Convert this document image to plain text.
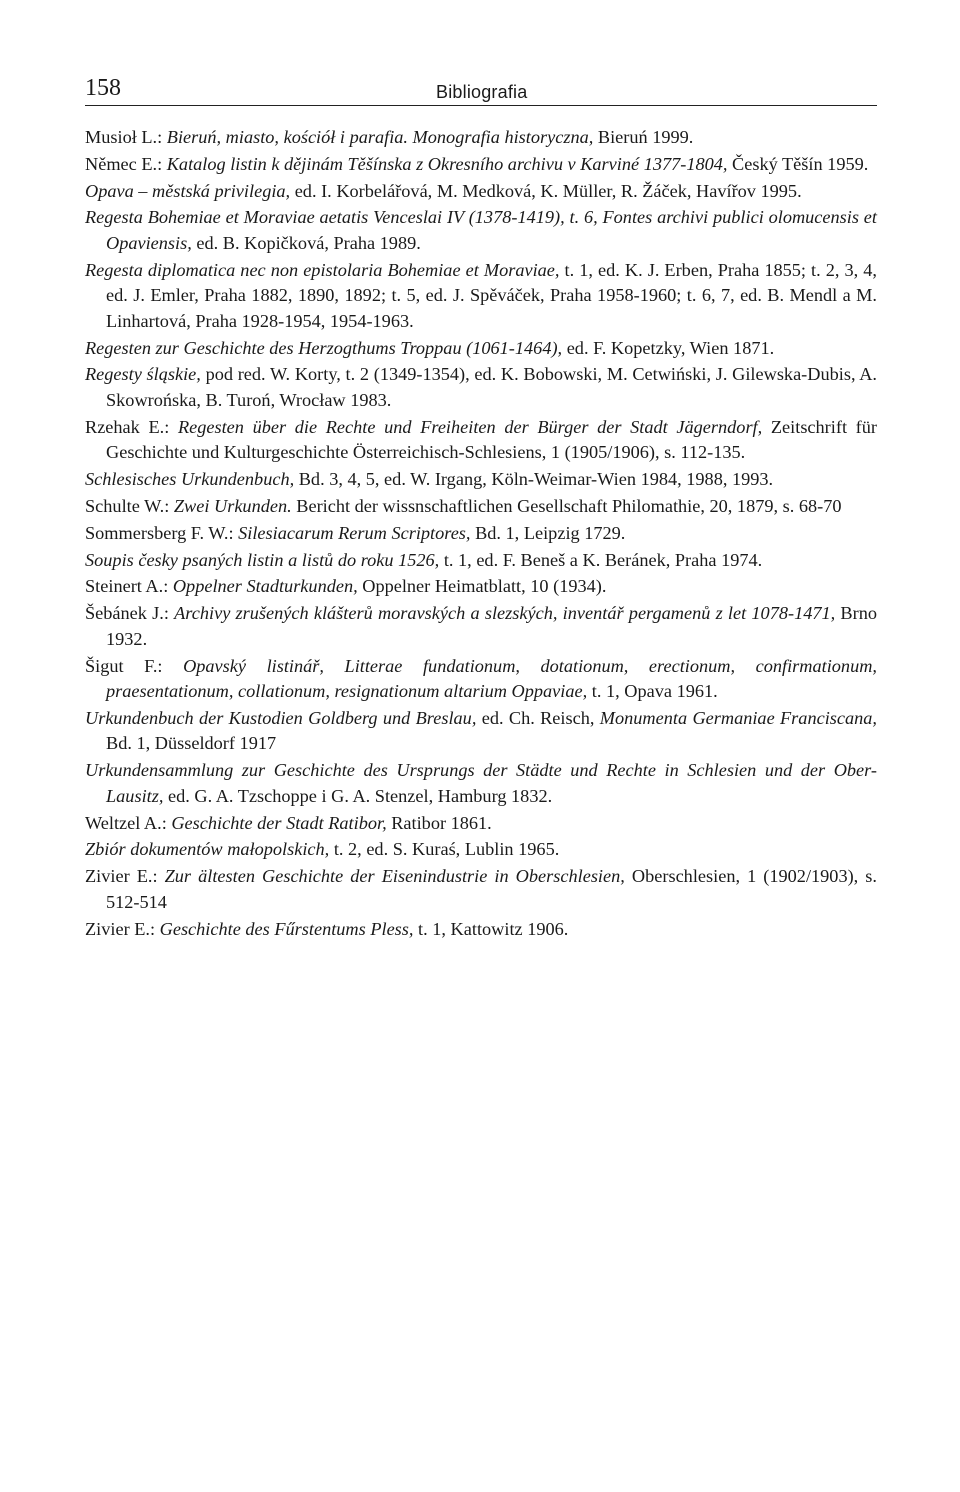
158	Bibliografia
Musioł L.: Bieruń, miasto, kościół i parafia. Monografia historyczna, Bieruń 1999.
Němec E.: Katalog listin k dějinám Těšínska z Okresního archivu v Karviné 1377-1804, Český Těšín 1959.
Opava – městská privilegia, ed. I. Korbelářová, M. Medková, K. Müller, R. Žáček, Havířov 1995.
Regesta Bohemiae et Moraviae aetatis Venceslai IV (1378-1419), t. 6, Fontes archivi publici olomucensis et Opaviensis, ed. B. Kopičková, Praha 1989.
Regesta diplomatica nec non epistolaria Bohemiae et Moraviae, t. 1, ed. K. J. Erben, Praha 1855; t. 2, 3, 4, ed. J. Emler, Praha 1882, 1890, 1892; t. 5, ed. J. Spěváček, Praha 1958-1960; t. 6, 7, ed. B. Mendl a M. Linhartová, Praha 1928-1954, 1954-1963.
Regesten zur Geschichte des Herzogthums Troppau (1061-1464), ed. F. Kopetzky, Wien 1871.
Regesty śląskie, pod red. W. Korty, t. 2 (1349-1354), ed. K. Bobowski, M. Cetwiński, J. Gilewska-Dubis, A. Skowrońska, B. Turoń, Wrocław 1983.
Rzehak E.: Regesten über die Rechte und Freiheiten der Bürger der Stadt Jägerndorf, Zeitschrift für Geschichte und Kulturgeschichte Österreichisch-Schlesiens, 1 (1905/1906), s. 112-135.
Schlesisches Urkundenbuch, Bd. 3, 4, 5, ed. W. Irgang, Köln-Weimar-Wien 1984, 1988, 1993.
Schulte W.: Zwei Urkunden. Bericht der wissnschaftlichen Gesellschaft Philomathie, 20, 1879, s. 68-70
Sommersberg F. W.: Silesiacarum Rerum Scriptores, Bd. 1, Leipzig 1729.
Soupis česky psaných listin a listů do roku 1526, t. 1, ed. F. Beneš a K. Beránek, Praha 1974.
Steinert A.: Oppelner Stadturkunden, Oppelner Heimatblatt, 10 (1934).
Šebánek J.: Archivy zrušených klášterů moravských a slezských, inventář pergamenů z let 1078-1471, Brno 1932.
Šigut F.: Opavský listinář, Litterae fundationum, dotationum, erectionum, confirmationum, praesentationum, collationum, resignationum altarium Oppaviae, t. 1, Opava 1961.
Urkundenbuch der Kustodien Goldberg und Breslau, ed. Ch. Reisch, Monumenta Germaniae Franciscana, Bd. 1, Düsseldorf 1917
Urkundensammlung zur Geschichte des Ursprungs der Städte und Rechte in Schlesien und der Ober-Lausitz, ed. G. A. Tzschoppe i G. A. Stenzel, Hamburg 1832.
Weltzel A.: Geschichte der Stadt Ratibor, Ratibor 1861.
Zbiór dokumentów małopolskich, t. 2, ed. S. Kuraś, Lublin 1965.
Zivier E.: Zur ältesten Geschichte der Eisenindustrie in Oberschlesien, Oberschlesien, 1 (1902/1903), s. 512-514
Zivier E.: Geschichte des Fűrstentums Pless, t. 1, Kattowitz 1906.
